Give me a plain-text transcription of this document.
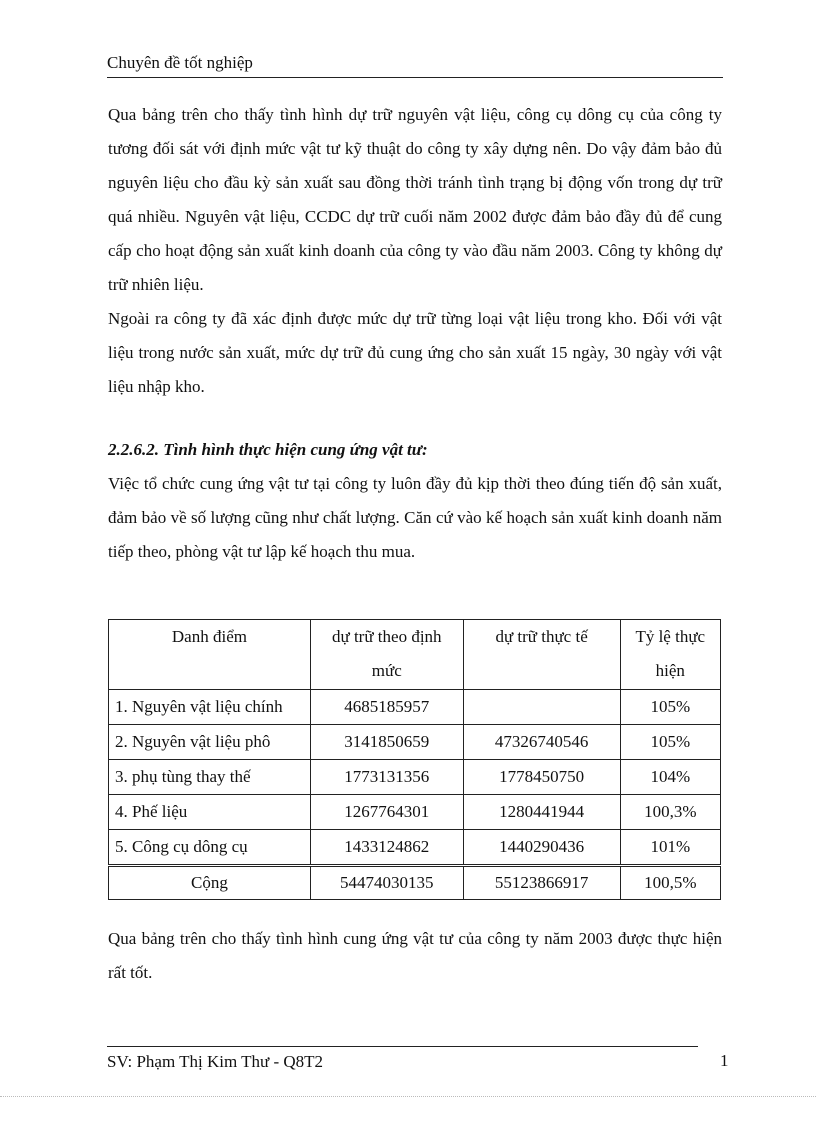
Chuyên đề tốt nghiệp

Qua bảng trên cho thấy tình hình dự trữ nguyên vật liệu, công cụ dông cụ của công ty tương đối sát với định mức vật tư kỹ thuật do công ty xây dựng nên. Do vậy đảm bảo đủ nguyên liệu cho đầu kỳ sản xuất sau đồng thời tránh tình trạng bị động vốn trong dự trữ quá nhiều. Nguyên vật liệu, CCDC dự trữ cuối năm 2002 được đảm bảo đầy đủ để cung cấp cho hoạt động sản xuất kinh doanh của công ty vào đầu năm 2003. Công ty không dự trữ nhiên liệu.

Ngoài ra công ty đã xác định được mức dự trữ từng loại vật liệu trong kho. Đối với vật liệu trong nước sản xuất, mức dự trữ đủ cung ứng cho sản xuất 15 ngày, 30 ngày với vật liệu nhập kho.

2.2.6.2. Tình hình thực hiện cung ứng vật tư:

Việc tổ chức cung ứng vật tư tại công ty luôn đầy đủ kịp thời theo đúng tiến độ sản xuất, đảm bảo về số lượng cũng như chất lượng. Căn cứ vào kế hoạch sản xuất kinh doanh năm tiếp theo, phòng vật tư lập kế hoạch thu mua.

Danh điểm	dự trữ theo định mức	dự trữ thực tế	Tỷ lệ thực hiện
1. Nguyên vật liệu chính	4685185957		105%
2. Nguyên vật liệu phô	3141850659	47326740546	105%
3. phụ tùng thay thế	1773131356	1778450750	104%
4. Phế liệu	1267764301	1280441944	100,3%
5. Công cụ dông cụ	1433124862	1440290436	101%
Cộng	54474030135	55123866917	100,5%

Qua bảng trên cho thấy tình hình cung ứng vật tư của công ty năm 2003 được thực hiện rất tốt.

SV: Phạm Thị Kim Thư - Q8T2	1
